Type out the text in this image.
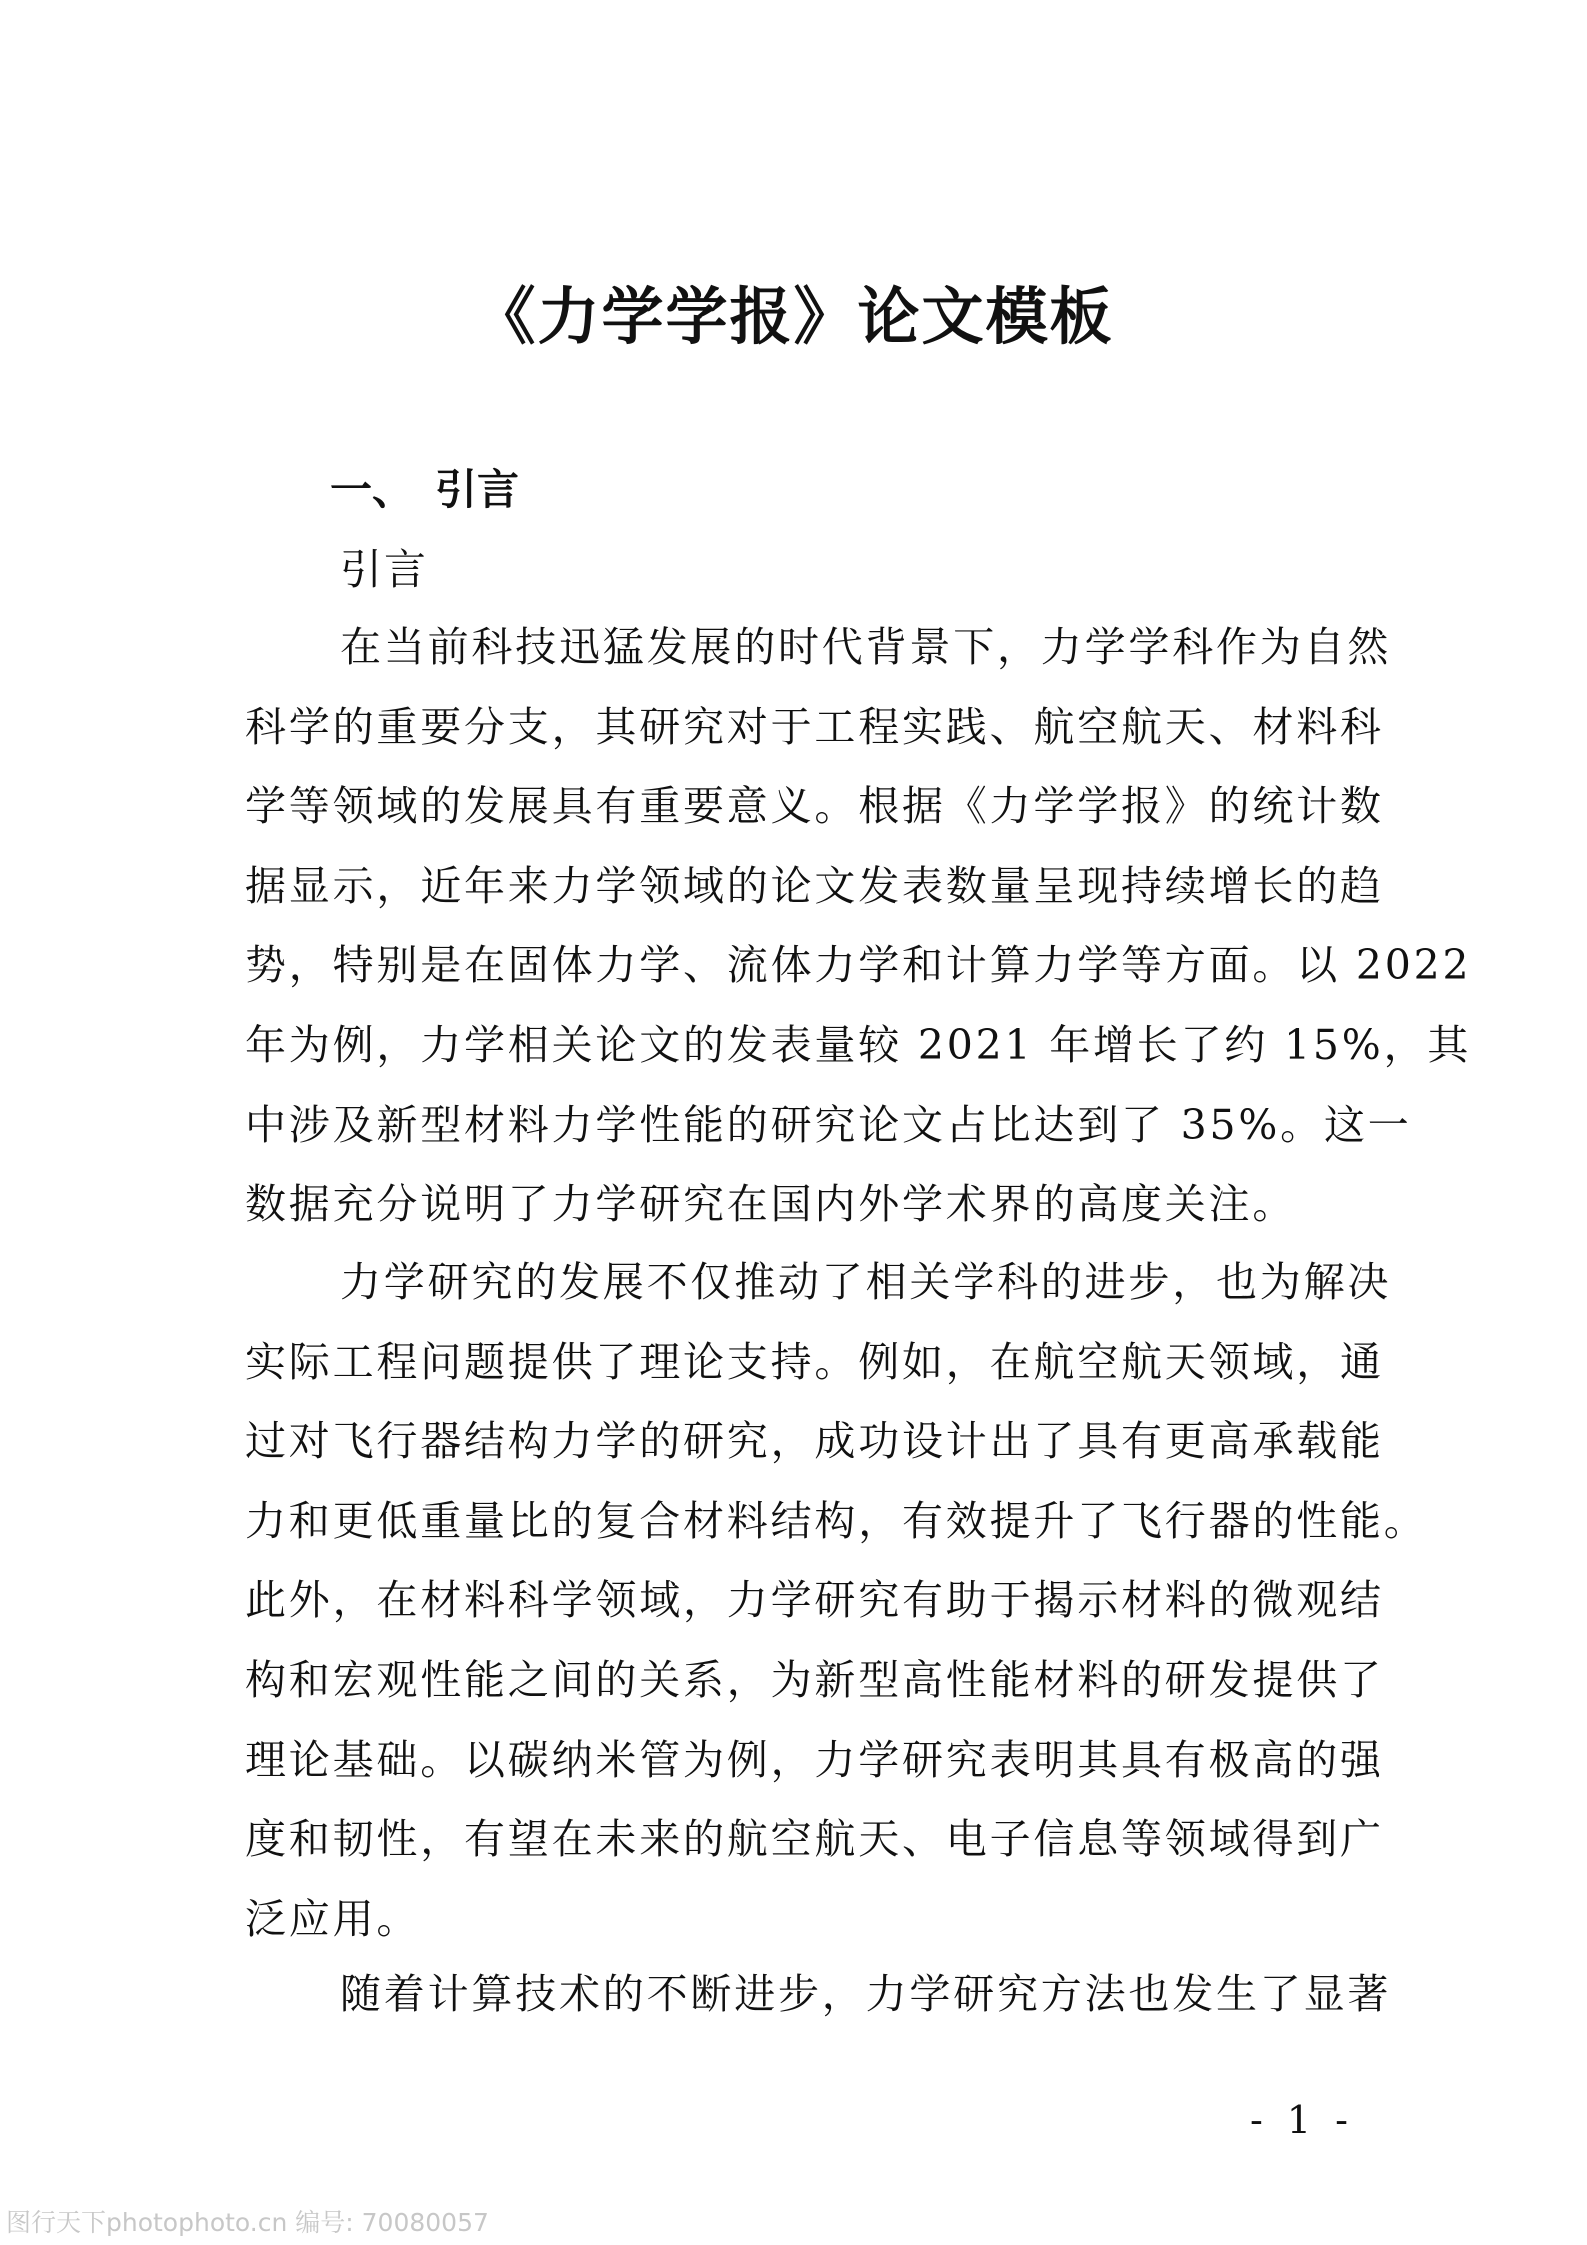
《力学学报》论文模板
一、 引言

引言

在当前科技迅猛发展的时代背景下，力学学科作为自然
科学的重要分支，其研究对于工程实践、航空航天、材料科
学等领域的发展具有重要意义。根据《力学学报》的统计数
据显示，近年来力学领域的论文发表数量呈现持续增长的趋
势，特别是在固体力学、流体力学和计算力学等方面。以 2022
年为例，力学相关论文的发表量较 2021 年增长了约 15%，其
中涉及新型材料力学性能的研究论文占比达到了 35%。这一
数据充分说明了力学研究在国内外学术界的高度关注。

力学研究的发展不仅推动了相关学科的进步，也为解决
实际工程问题提供了理论支持。例如，在航空航天领域，通
过对飞行器结构力学的研究，成功设计出了具有更高承载能
力和更低重量比的复合材料结构，有效提升了飞行器的性能。
此外，在材料科学领域，力学研究有助于揭示材料的微观结
构和宏观性能之间的关系，为新型高性能材料的研发提供了
理论基础。以碳纳米管为例，力学研究表明其具有极高的强
度和韧性，有望在未来的航空航天、电子信息等领域得到广
泛应用。

随着计算技术的不断进步，力学研究方法也发生了显著

- 1 -
图行天下photophoto.cn 编号: 70080057
